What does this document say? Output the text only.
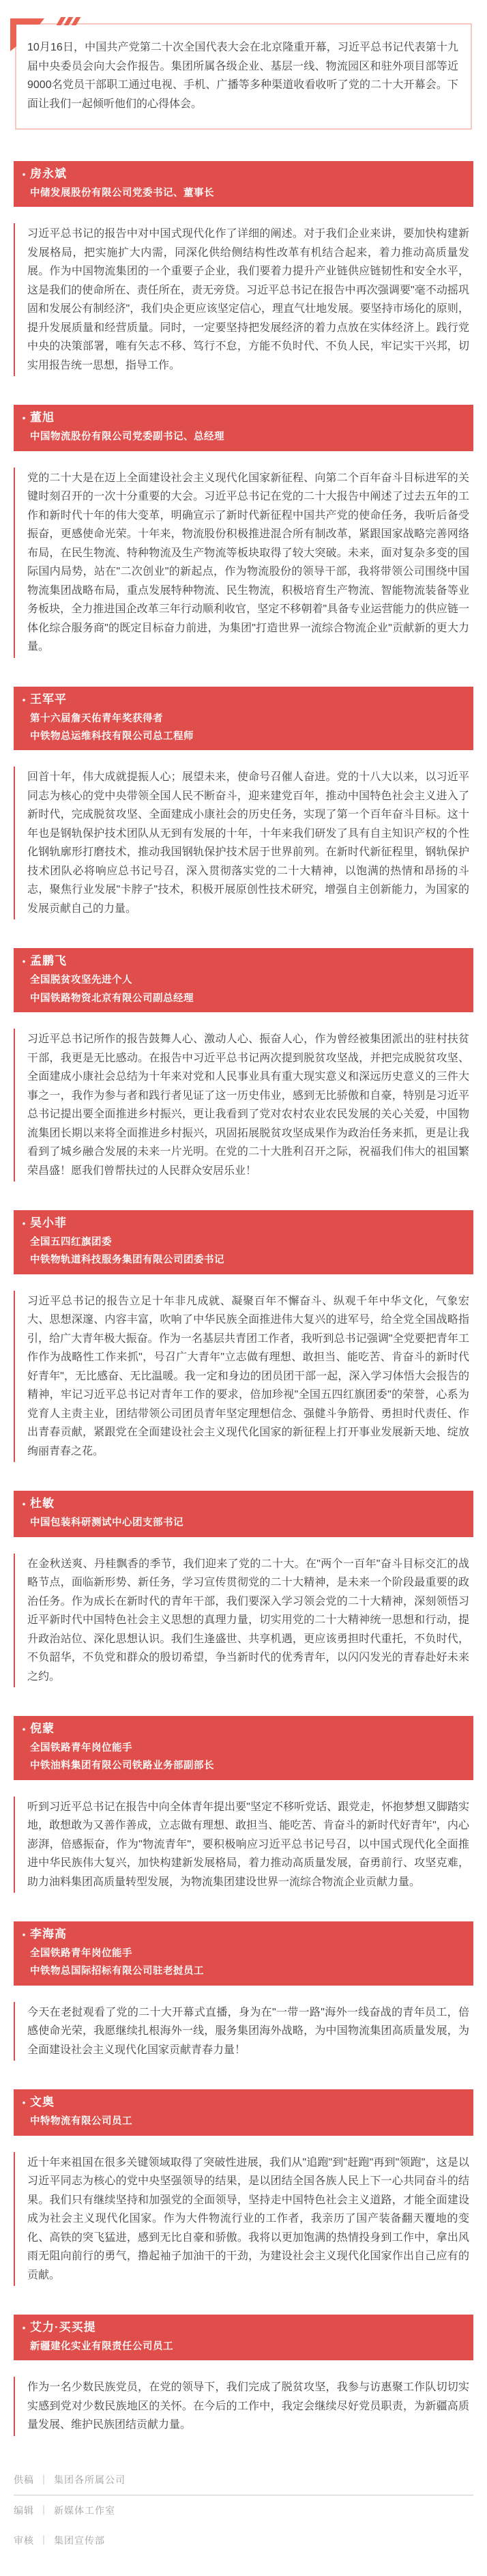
10月16日，中国共产党第二十次全国代表大会在北京隆重开幕，习近平总书记代表第十九届中央委员会向大会作报告。集团所属各级企业、基层一线、物流园区和驻外项目部等近9000名党员干部职工通过电视、手机、广播等多种渠道收看收听了党的二十大开幕会。下面让我们一起倾听他们的心得体会。

• 房永斌
中储发展股份有限公司党委书记、董事长

习近平总书记的报告中对中国式现代化作了详细的阐述。对于我们企业来讲，要加快构建新发展格局，把实施扩大内需，同深化供给侧结构性改革有机结合起来，着力推动高质量发展。作为中国物流集团的一个重要子企业，我们要着力提升产业链供应链韧性和安全水平，这是我们的使命所在、责任所在，责无旁贷。习近平总书记在报告中再次强调要"毫不动摇巩固和发展公有制经济"，我们央企更应该坚定信心，理直气壮地发展。要坚持市场化的原则，提升发展质量和经营质量。同时，一定要坚持把发展经济的着力点放在实体经济上。践行党中央的决策部署，唯有矢志不移、笃行不怠，方能不负时代、不负人民，牢记实干兴邦，切实用报告统一思想，指导工作。

• 董旭
中国物流股份有限公司党委副书记、总经理

党的二十大是在迈上全面建设社会主义现代化国家新征程、向第二个百年奋斗目标进军的关键时刻召开的一次十分重要的大会。习近平总书记在党的二十大报告中阐述了过去五年的工作和新时代十年的伟大变革，明确宣示了新时代新征程中国共产党的使命任务，我听后备受振奋，更感使命光荣。十年来，物流股份积极推进混合所有制改革，紧跟国家战略完善网络布局，在民生物流、特种物流及生产物流等板块取得了较大突破。未来，面对复杂多变的国际国内局势，站在"二次创业"的新起点，作为物流股份的领导干部，我将带领公司围绕中国物流集团战略布局，重点发展特种物流、民生物流，积极培育生产物流、智能物流装备等业务板块，全力推进国企改革三年行动顺利收官，坚定不移朝着"具备专业运营能力的供应链一体化综合服务商"的既定目标奋力前进，为集团"打造世界一流综合物流企业"贡献新的更大力量。

• 王军平
第十六届詹天佑青年奖获得者
中铁物总运维科技有限公司总工程师

回首十年，伟大成就提振人心；展望未来，使命号召催人奋进。党的十八大以来，以习近平同志为核心的党中央带领全国人民不断奋斗，迎来建党百年，推动中国特色社会主义进入了新时代，完成脱贫攻坚、全面建成小康社会的历史任务，实现了第一个百年奋斗目标。这十年也是钢轨保护技术团队从无到有发展的十年，十年来我们研发了具有自主知识产权的个性化钢轨廓形打磨技术，推动我国钢轨保护技术居于世界前列。在新时代新征程里，钢轨保护技术团队必将响应总书记号召，深入贯彻落实党的二十大精神，以饱满的热情和昂扬的斗志，聚焦行业发展"卡脖子"技术，积极开展原创性技术研究，增强自主创新能力，为国家的发展贡献自己的力量。

• 孟鹏飞
全国脱贫攻坚先进个人
中国铁路物资北京有限公司副总经理

习近平总书记所作的报告鼓舞人心、激动人心、振奋人心，作为曾经被集团派出的驻村扶贫干部，我更是无比感动。在报告中习近平总书记两次提到脱贫攻坚战，并把完成脱贫攻坚、全面建成小康社会总结为十年来对党和人民事业具有重大现实意义和深远历史意义的三件大事之一，我作为参与者和践行者见证了这一历史伟业，感到无比骄傲和自豪，特别是习近平总书记提出要全面推进乡村振兴，更让我看到了党对农村农业农民发展的关心关爱，中国物流集团长期以来将全面推进乡村振兴，巩固拓展脱贫攻坚成果作为政治任务来抓，更是让我看到了城乡融合发展的未来一片光明。在党的二十大胜利召开之际，祝福我们伟大的祖国繁荣昌盛！愿我们曾帮扶过的人民群众安居乐业！

• 吴小菲
全国五四红旗团委
中铁物轨道科技服务集团有限公司团委书记

习近平总书记的报告立足十年非凡成就、凝聚百年不懈奋斗、纵观千年中华文化，气象宏大、思想深邃、内容丰富，吹响了中华民族全面推进伟大复兴的进军号，给全党全国战略指引，给广大青年极大振奋。作为一名基层共青团工作者，我听到总书记强调"全党要把青年工作作为战略性工作来抓"，号召广大青年"立志做有理想、敢担当、能吃苦、肯奋斗的新时代好青年"，无比感奋、无比温暖。我一定和身边的团员团干部一起，深入学习体悟大会报告的精神，牢记习近平总书记对青年工作的要求，倍加珍视"全国五四红旗团委"的荣誉，心系为党育人主责主业，团结带领公司团员青年坚定理想信念、强健斗争筋骨、勇担时代责任、作出青春贡献，紧跟党在全面建设社会主义现代化国家的新征程上打开事业发展新天地、绽放绚丽青春之花。

• 杜敏
中国包装科研测试中心团支部书记

在金秋送爽、丹桂飘香的季节，我们迎来了党的二十大。在"两个一百年"奋斗目标交汇的战略节点，面临新形势、新任务，学习宣传贯彻党的二十大精神，是未来一个阶段最重要的政治任务。作为成长在新时代的青年干部，我们要深入学习领会党的二十大精神，深刻领悟习近平新时代中国特色社会主义思想的真理力量，切实用党的二十大精神统一思想和行动，提升政治站位、深化思想认识。我们生逢盛世、共享机遇，更应该勇担时代重托，不负时代，不负韶华，不负党和群众的殷切希望，争当新时代的优秀青年，以闪闪发光的青春赴好未来之约。

• 倪蒙
全国铁路青年岗位能手
中铁油料集团有限公司铁路业务部副部长

听到习近平总书记在报告中向全体青年提出要"坚定不移听党话、跟党走，怀抱梦想又脚踏实地，敢想敢为又善作善成，立志做有理想、敢担当、能吃苦、肯奋斗的新时代好青年"，内心澎湃，倍感振奋，作为"物流青年"，要积极响应习近平总书记号召，以中国式现代化全面推进中华民族伟大复兴，加快构建新发展格局，着力推动高质量发展，奋勇前行、攻坚克难，助力油料集团高质量转型发展，为物流集团建设世界一流综合物流企业贡献力量。

• 李海高
全国铁路青年岗位能手
中铁物总国际招标有限公司驻老挝员工

今天在老挝观看了党的二十大开幕式直播，身为在"一带一路"海外一线奋战的青年员工，倍感使命光荣，我愿继续扎根海外一线，服务集团海外战略，为中国物流集团高质量发展，为全面建设社会主义现代化国家贡献青春力量！

• 文奥
中特物流有限公司员工

近十年来祖国在很多关键领域取得了突破性进展，我们从"追跑"到"赶跑"再到"领跑"，这是以习近平同志为核心的党中央坚强领导的结果，是以团结全国各族人民上下一心共同奋斗的结果。我们只有继续坚持和加强党的全面领导，坚持走中国特色社会主义道路，才能全面建设成为社会主义现代化国家。作为大件物流行业的工作者，我亲历了国产装备翻天覆地的变化、高铁的突飞猛进，感到无比自豪和骄傲。我将以更加饱满的热情投身到工作中，拿出风雨无阻向前行的勇气，撸起袖子加油干的干劲，为建设社会主义现代化国家作出自己应有的贡献。

• 艾力·买买提
新疆建化实业有限责任公司员工

作为一名少数民族党员，在党的领导下，我们完成了脱贫攻坚，我参与访惠聚工作队切切实实感到党对少数民族地区的关怀。在今后的工作中，我定会继续尽好党员职责，为新疆高质量发展、维护民族团结贡献力量。

供稿 ｜ 集团各所属公司
编辑 ｜ 新媒体工作室
审核 ｜ 集团宣传部
